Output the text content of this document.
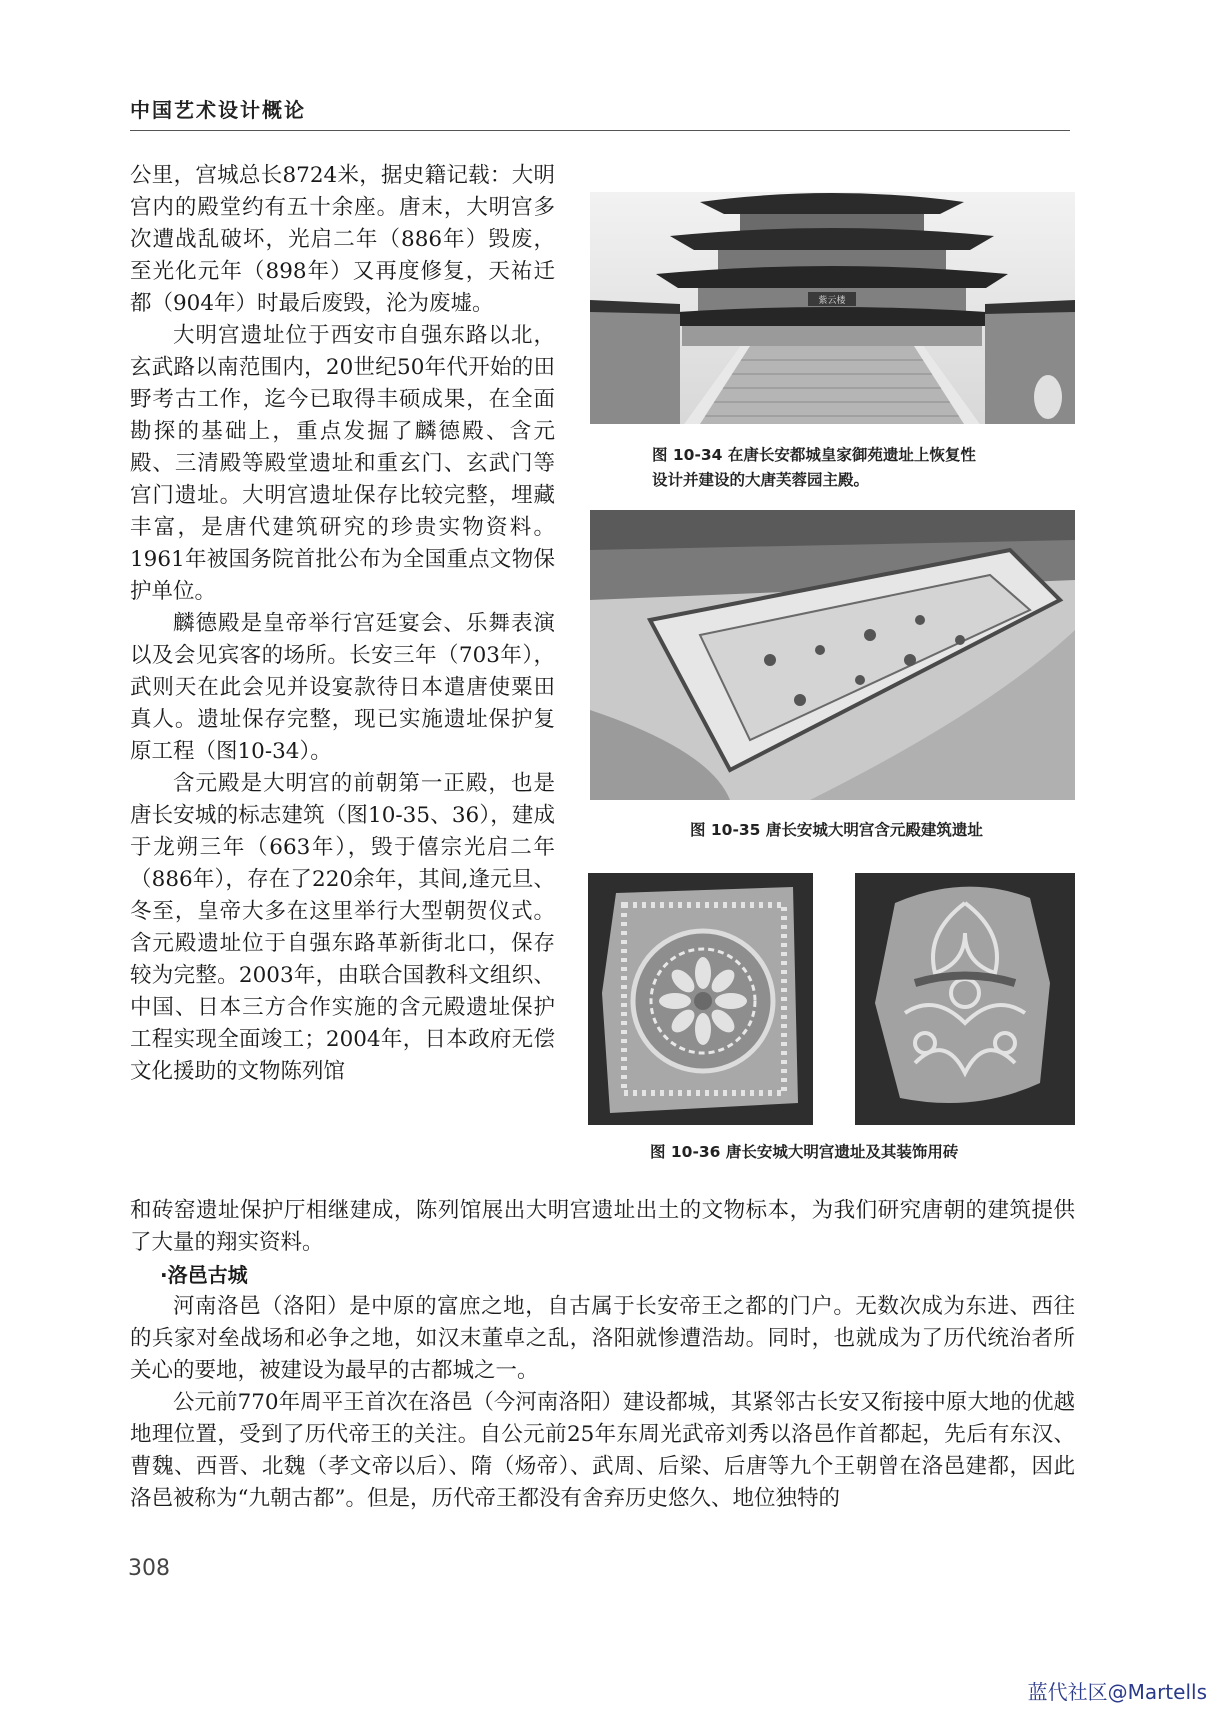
中国艺术设计概论

公里，宫城总长8724米，据史籍记载：大明宫内的殿堂约有五十余座。唐末，大明宫多次遭战乱破坏，光启二年（886年）毁废，至光化元年（898年）又再度修复，天祐迁都（904年）时最后废毁，沦为废墟。

大明宫遗址位于西安市自强东路以北，玄武路以南范围内，20世纪50年代开始的田野考古工作，迄今已取得丰硕成果，在全面勘探的基础上，重点发掘了麟德殿、含元殿、三清殿等殿堂遗址和重玄门、玄武门等宫门遗址。大明宫遗址保存比较完整，埋藏丰富，是唐代建筑研究的珍贵实物资料。1961年被国务院首批公布为全国重点文物保护单位。

麟德殿是皇帝举行宫廷宴会、乐舞表演以及会见宾客的场所。长安三年（703年），武则天在此会见并设宴款待日本遣唐使粟田真人。遗址保存完整，现已实施遗址保护复原工程（图10-34）。

含元殿是大明宫的前朝第一正殿，也是唐长安城的标志建筑（图10-35、36），建成于龙朔三年（663年），毁于僖宗光启二年（886年），存在了220余年，其间,逢元旦、冬至，皇帝大多在这里举行大型朝贺仪式。含元殿遗址位于自强东路革新街北口，保存较为完整。2003年，由联合国教科文组织、中国、日本三方合作实施的含元殿遗址保护工程实现全面竣工；2004年，日本政府无偿文化援助的文物陈列馆

紫云楼
图 10-34 在唐长安都城皇家御苑遗址上恢复性
设计并建设的大唐芙蓉园主殿。
图 10-35 唐长安城大明宫含元殿建筑遗址
图 10-36 唐长安城大明宫遗址及其装饰用砖

和砖窑遗址保护厅相继建成，陈列馆展出大明宫遗址出土的文物标本，为我们研究唐朝的建筑提供了大量的翔实资料。

·洛邑古城

河南洛邑（洛阳）是中原的富庶之地，自古属于长安帝王之都的门户。无数次成为东进、西往的兵家对垒战场和必争之地，如汉末董卓之乱，洛阳就惨遭浩劫。同时，也就成为了历代统治者所关心的要地，被建设为最早的古都城之一。

公元前770年周平王首次在洛邑（今河南洛阳）建设都城，其紧邻古长安又衔接中原大地的优越地理位置，受到了历代帝王的关注。自公元前25年东周光武帝刘秀以洛邑作首都起，先后有东汉、曹魏、西晋、北魏（孝文帝以后）、隋（炀帝）、武周、后梁、后唐等九个王朝曾在洛邑建都，因此洛邑被称为“九朝古都”。但是，历代帝王都没有舍弃历史悠久、地位独特的

308
蓝代社区@Martells
